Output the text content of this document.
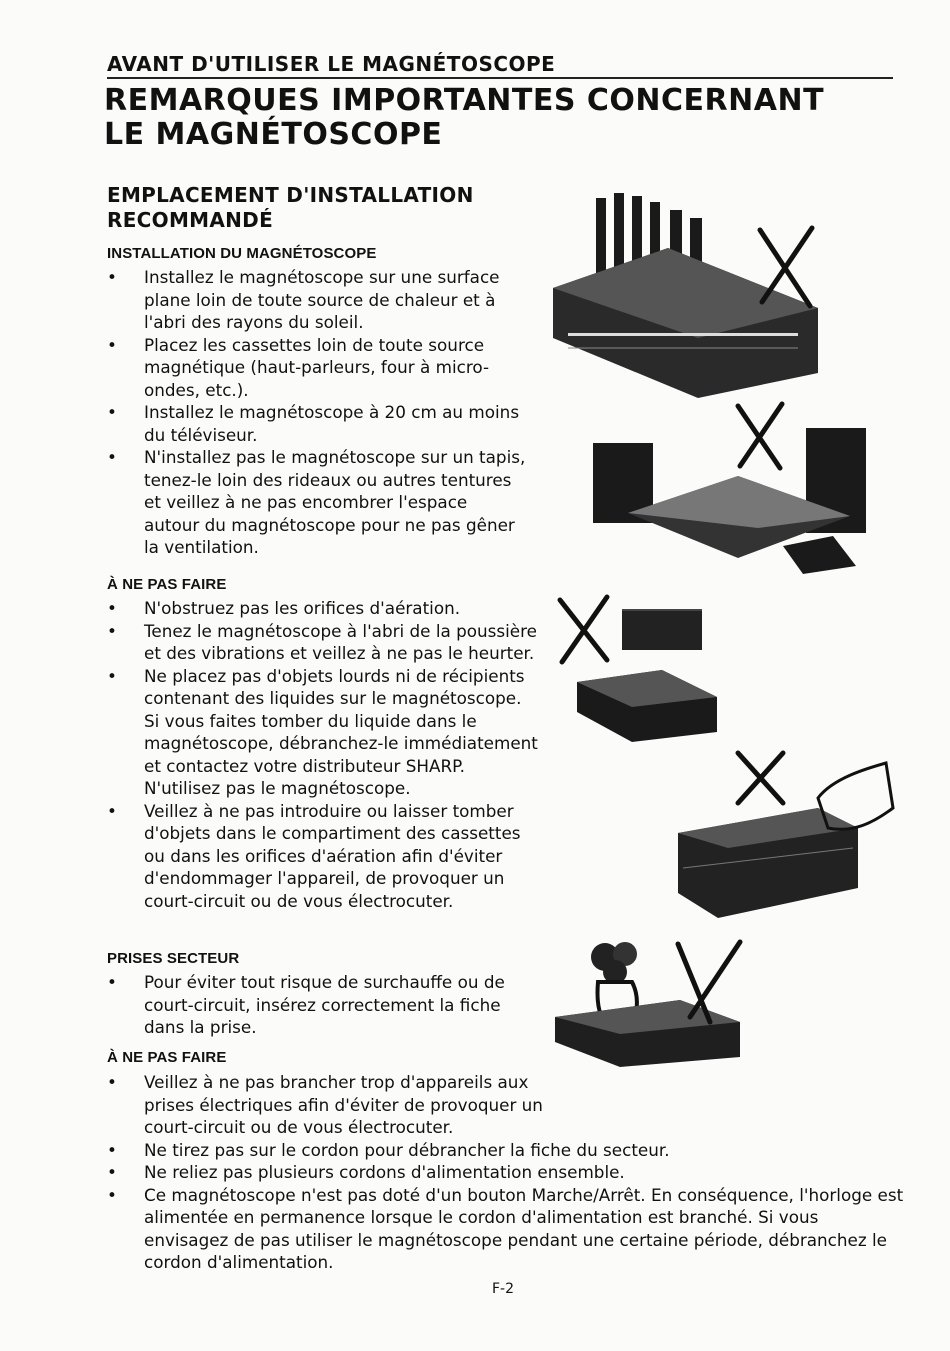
AVANT D'UTILISER LE MAGNÉTOSCOPE
REMARQUES IMPORTANTES CONCERNANT LE MAGNÉTOSCOPE
EMPLACEMENT D'INSTALLATION RECOMMANDÉ
INSTALLATION DU MAGNÉTOSCOPE
• Installez le magnétoscope sur une surface plane loin de toute source de chaleur et à l'abri des rayons du soleil.
• Placez les cassettes loin de toute source magnétique (haut-parleurs, four à micro-ondes, etc.).
• Installez le magnétoscope à 20 cm au moins du téléviseur.
• N'installez pas le magnétoscope sur un tapis, tenez-le loin des rideaux ou autres tentures et veillez à ne pas encombrer l'espace autour du magnétoscope pour ne pas gêner la ventilation.
À NE PAS FAIRE
• N'obstruez pas les orifices d'aération.
• Tenez le magnétoscope à l'abri de la poussière et des vibrations et veillez à ne pas le heurter.
• Ne placez pas d'objets lourds ni de récipients contenant des liquides sur le magnétoscope. Si vous faites tomber du liquide dans le magnétoscope, débranchez-le immédiatement et contactez votre distributeur SHARP. N'utilisez pas le magnétoscope.
• Veillez à ne pas introduire ou laisser tomber d'objets dans le compartiment des cassettes ou dans les orifices d'aération afin d'éviter d'endommager l'appareil, de provoquer un court-circuit ou de vous électrocuter.
PRISES SECTEUR
• Pour éviter tout risque de surchauffe ou de court-circuit, insérez correctement la fiche dans la prise.
À NE PAS FAIRE
• Veillez à ne pas brancher trop d'appareils aux prises électriques afin d'éviter de provoquer un court-circuit ou de vous électrocuter.
• Ne tirez pas sur le cordon pour débrancher la fiche du secteur.
• Ne reliez pas plusieurs cordons d'alimentation ensemble.
• Ce magnétoscope n'est pas doté d'un bouton Marche/Arrêt. En conséquence, l'horloge est alimentée en permanence lorsque le cordon d'alimentation est branché. Si vous envisagez de pas utiliser le magnétoscope pendant une certaine période, débranchez le cordon d'alimentation.
F-2
